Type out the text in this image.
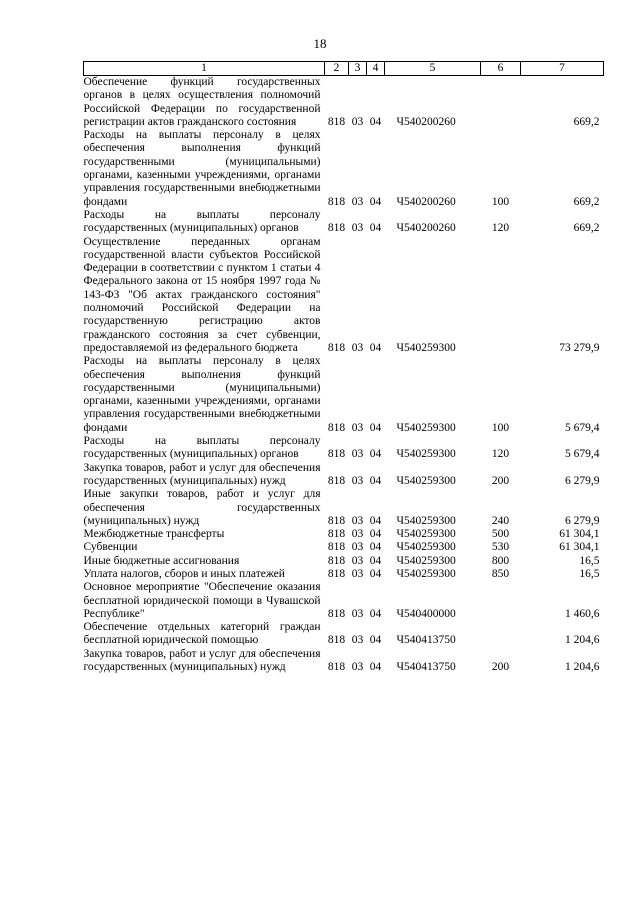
18
1	2	3	4	5	6	7
Обеспечение функций государственных органов в целях осуществления полномочий Российской Федерации по государственной регистрации актов гражданского состояния	818	03	04	Ч540200260		669,2
Расходы на выплаты персоналу в целях обеспечения выполнения функций государственными (муниципальными) органами, казенными учреждениями, органами управления государственными внебюджетными фондами	818	03	04	Ч540200260	100	669,2
Расходы на выплаты персоналу государственных (муниципальных) органов	818	03	04	Ч540200260	120	669,2
Осуществление переданных органам государственной власти субъектов Российской Федерации в соответствии с пунктом 1 статьи 4 Федерального закона от 15 ноября 1997 года № 143-ФЗ "Об актах гражданского состояния" полномочий Российской Федерации на государственную регистрацию актов гражданского состояния за счет субвенции, предоставляемой из федерального бюджета	818	03	04	Ч540259300		73 279,9
Расходы на выплаты персоналу в целях обеспечения выполнения функций государственными (муниципальными) органами, казенными учреждениями, органами управления государственными внебюджетными фондами	818	03	04	Ч540259300	100	5 679,4
Расходы на выплаты персоналу государственных (муниципальных) органов	818	03	04	Ч540259300	120	5 679,4
Закупка товаров, работ и услуг для обеспечения государственных (муниципальных) нужд	818	03	04	Ч540259300	200	6 279,9
Иные закупки товаров, работ и услуг для обеспечения государственных (муниципальных) нужд	818	03	04	Ч540259300	240	6 279,9
Межбюджетные трансферты	818	03	04	Ч540259300	500	61 304,1
Субвенции	818	03	04	Ч540259300	530	61 304,1
Иные бюджетные ассигнования	818	03	04	Ч540259300	800	16,5
Уплата налогов, сборов и иных платежей	818	03	04	Ч540259300	850	16,5
Основное мероприятие "Обеспечение оказания бесплатной юридической помощи в Чувашской Республике"	818	03	04	Ч540400000		1 460,6
Обеспечение отдельных категорий граждан бесплатной юридической помощью	818	03	04	Ч540413750		1 204,6
Закупка товаров, работ и услуг для обеспечения государственных (муниципальных) нужд	818	03	04	Ч540413750	200	1 204,6
